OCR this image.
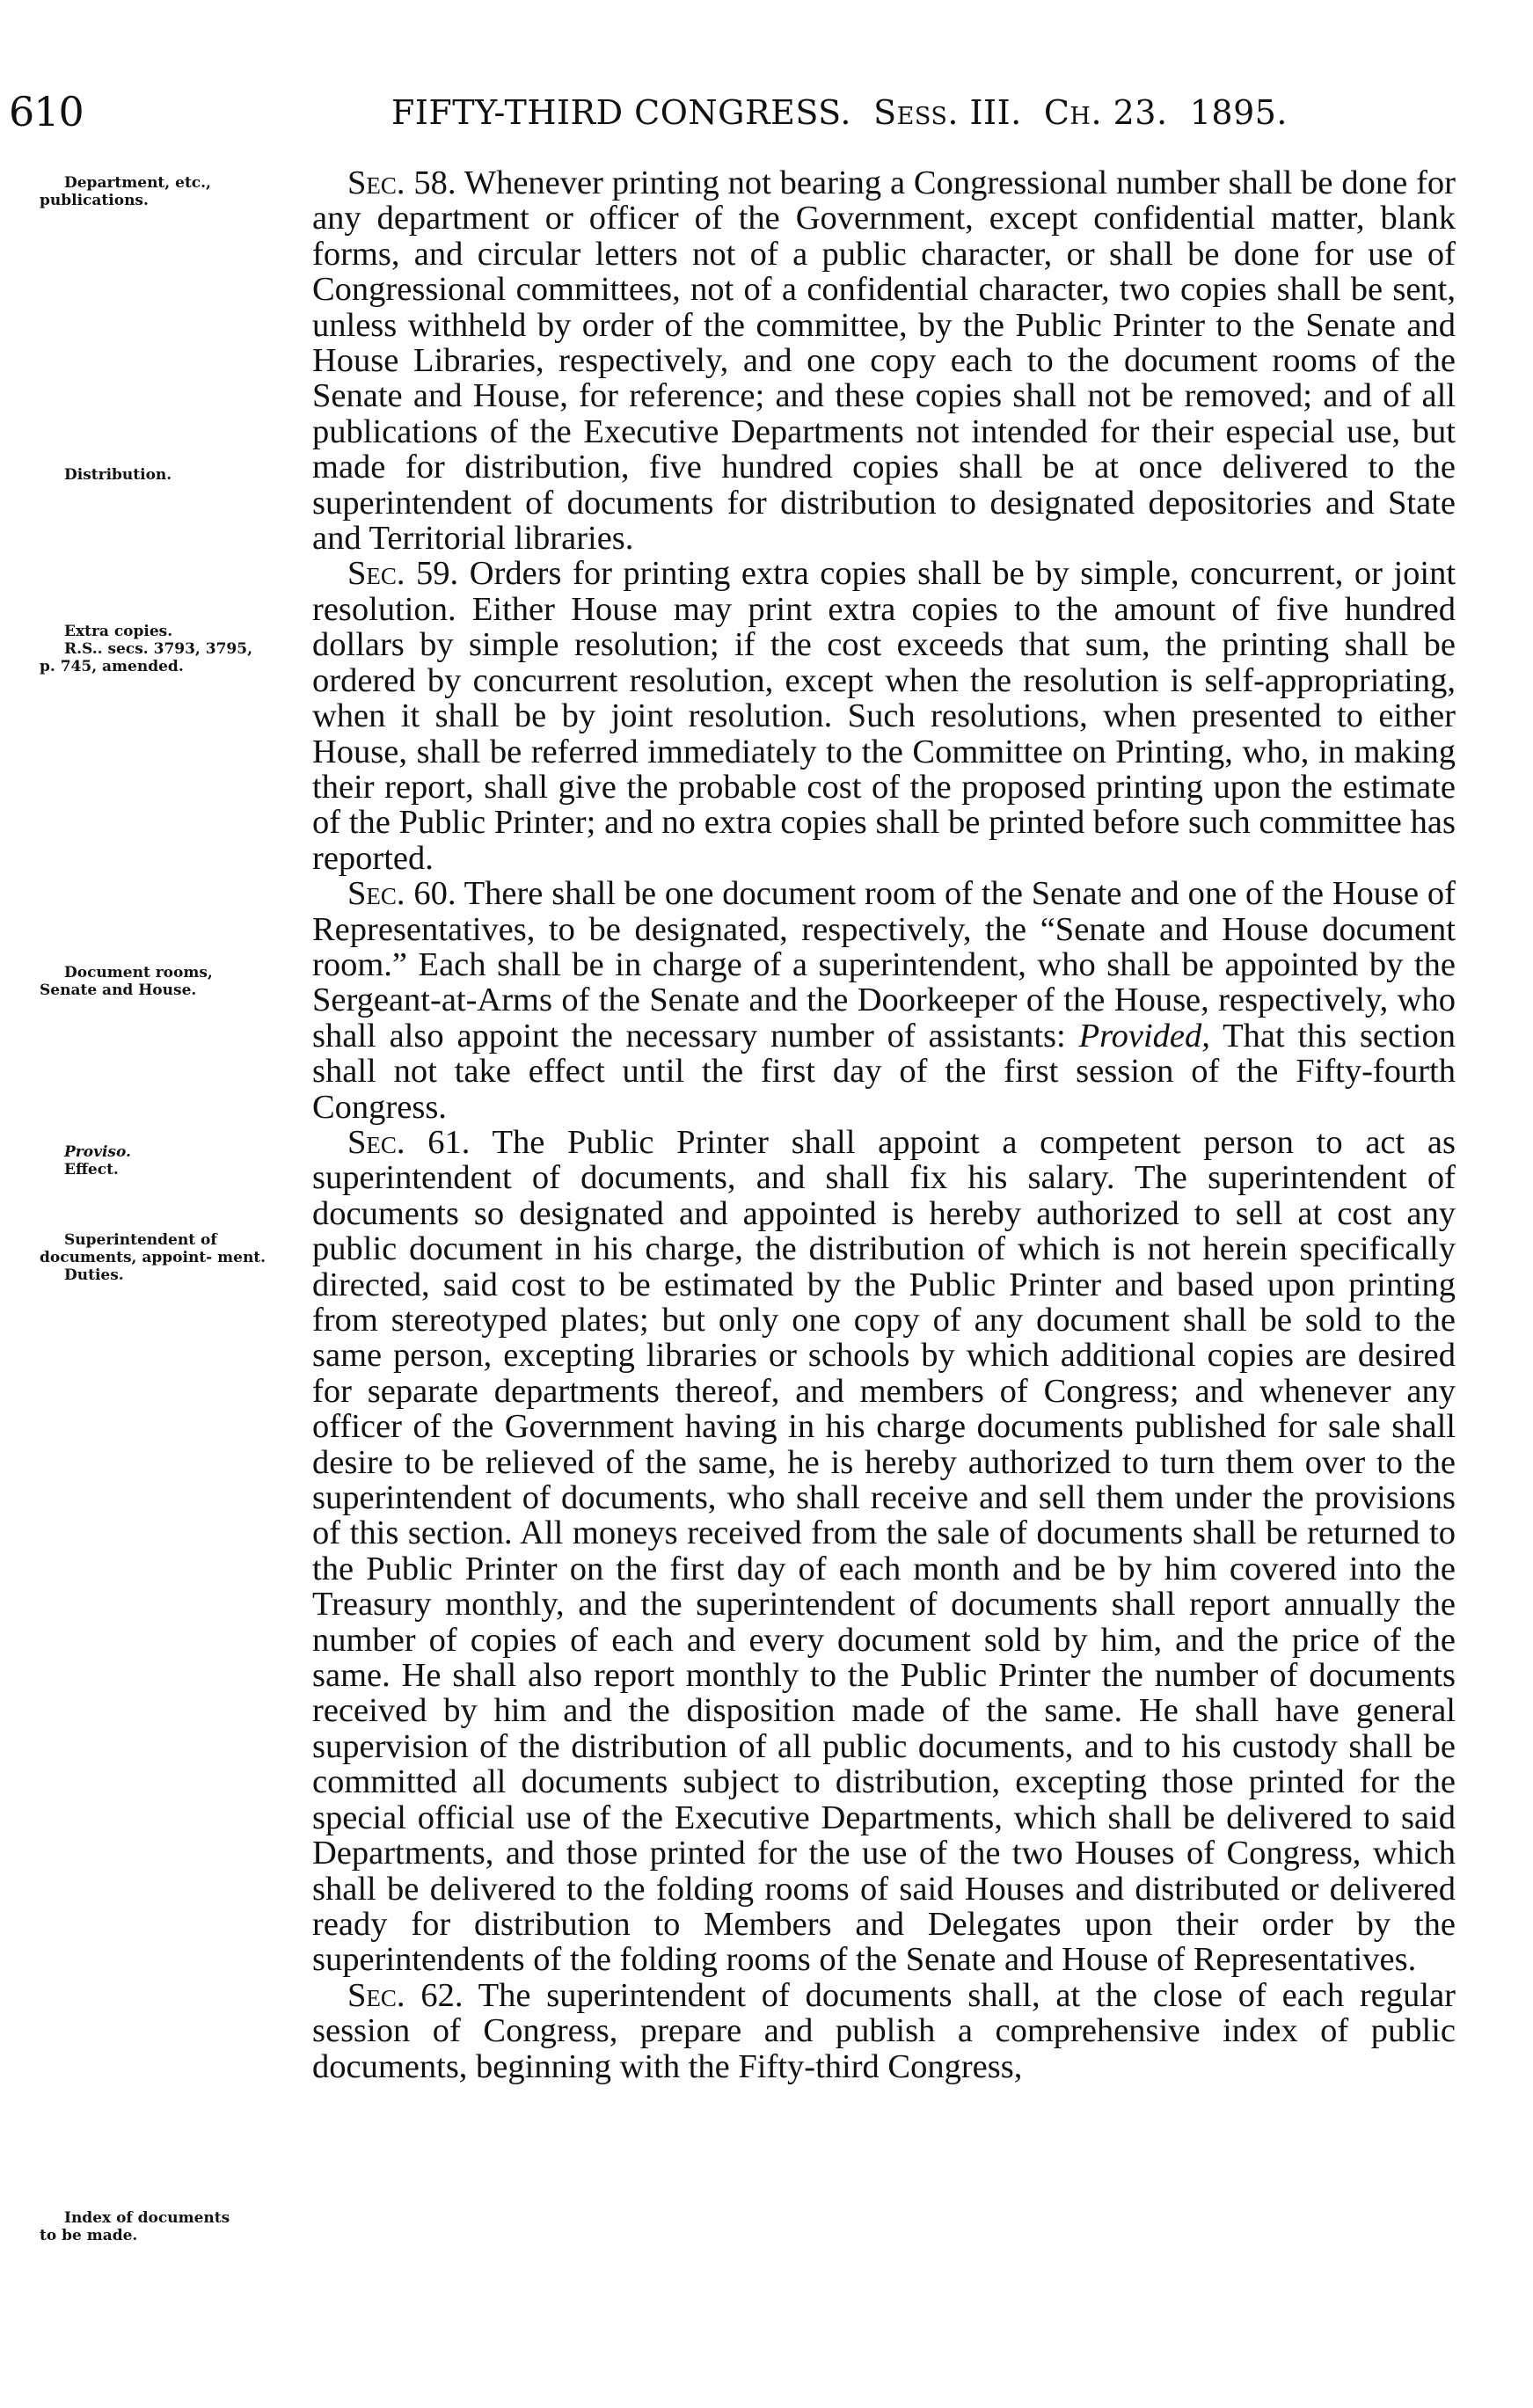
610	FIFTY-THIRD CONGRESS. Sess. III. Ch. 23. 1895.
Department, etc.,
publications.
Distribution.
Extra copies.
R.S.. secs. 3793, 3795,
p. 745, amended.
Document rooms,
Senate and House.
Proviso.
Effect.
Superintendent of
documents, appoint- ment.
Duties.
Index of documents
to be made.

Sec. 58. Whenever printing not bearing a Congressional number shall be done for any department or officer of the Government, except confidential matter, blank forms, and circular letters not of a public character, or shall be done for use of Congressional committees, not of a confidential character, two copies shall be sent, unless withheld by order of the committee, by the Public Printer to the Senate and House Libraries, respectively, and one copy each to the document rooms of the Senate and House, for reference; and these copies shall not be removed; and of all publications of the Executive Departments not intended for their especial use, but made for distribution, five hundred copies shall be at once delivered to the superintendent of documents for distribution to designated depositories and State and Territorial libraries.

Sec. 59. Orders for printing extra copies shall be by simple, concurrent, or joint resolution. Either House may print extra copies to the amount of five hundred dollars by simple resolution; if the cost exceeds that sum, the printing shall be ordered by concurrent resolution, except when the resolution is self-appropriating, when it shall be by joint resolution. Such resolutions, when presented to either House, shall be referred immediately to the Committee on Printing, who, in making their report, shall give the probable cost of the proposed printing upon the estimate of the Public Printer; and no extra copies shall be printed before such committee has reported.

Sec. 60. There shall be one document room of the Senate and one of the House of Representatives, to be designated, respectively, the “Senate and House document room.” Each shall be in charge of a superintendent, who shall be appointed by the Sergeant-at-Arms of the Senate and the Doorkeeper of the House, respectively, who shall also appoint the necessary number of assistants: Provided, That this section shall not take effect until the first day of the first session of the Fifty-fourth Congress.

Sec. 61. The Public Printer shall appoint a competent person to act as superintendent of documents, and shall fix his salary. The superintendent of documents so designated and appointed is hereby authorized to sell at cost any public document in his charge, the distribution of which is not herein specifically directed, said cost to be estimated by the Public Printer and based upon printing from stereotyped plates; but only one copy of any document shall be sold to the same person, excepting libraries or schools by which additional copies are desired for separate departments thereof, and members of Congress; and whenever any officer of the Government having in his charge documents published for sale shall desire to be relieved of the same, he is hereby authorized to turn them over to the superintendent of documents, who shall receive and sell them under the provisions of this section. All moneys received from the sale of documents shall be returned to the Public Printer on the first day of each month and be by him covered into the Treasury monthly, and the superintendent of documents shall report annually the number of copies of each and every document sold by him, and the price of the same. He shall also report monthly to the Public Printer the number of documents received by him and the disposition made of the same. He shall have general supervision of the distribution of all public documents, and to his custody shall be committed all documents subject to distribution, excepting those printed for the special official use of the Executive Departments, which shall be delivered to said Departments, and those printed for the use of the two Houses of Congress, which shall be delivered to the folding rooms of said Houses and distributed or delivered ready for distribution to Members and Delegates upon their order by the superintendents of the folding rooms of the Senate and House of Representatives.

Sec. 62. The superintendent of documents shall, at the close of each regular session of Congress, prepare and publish a comprehensive index of public documents, beginning with the Fifty-third Congress,
